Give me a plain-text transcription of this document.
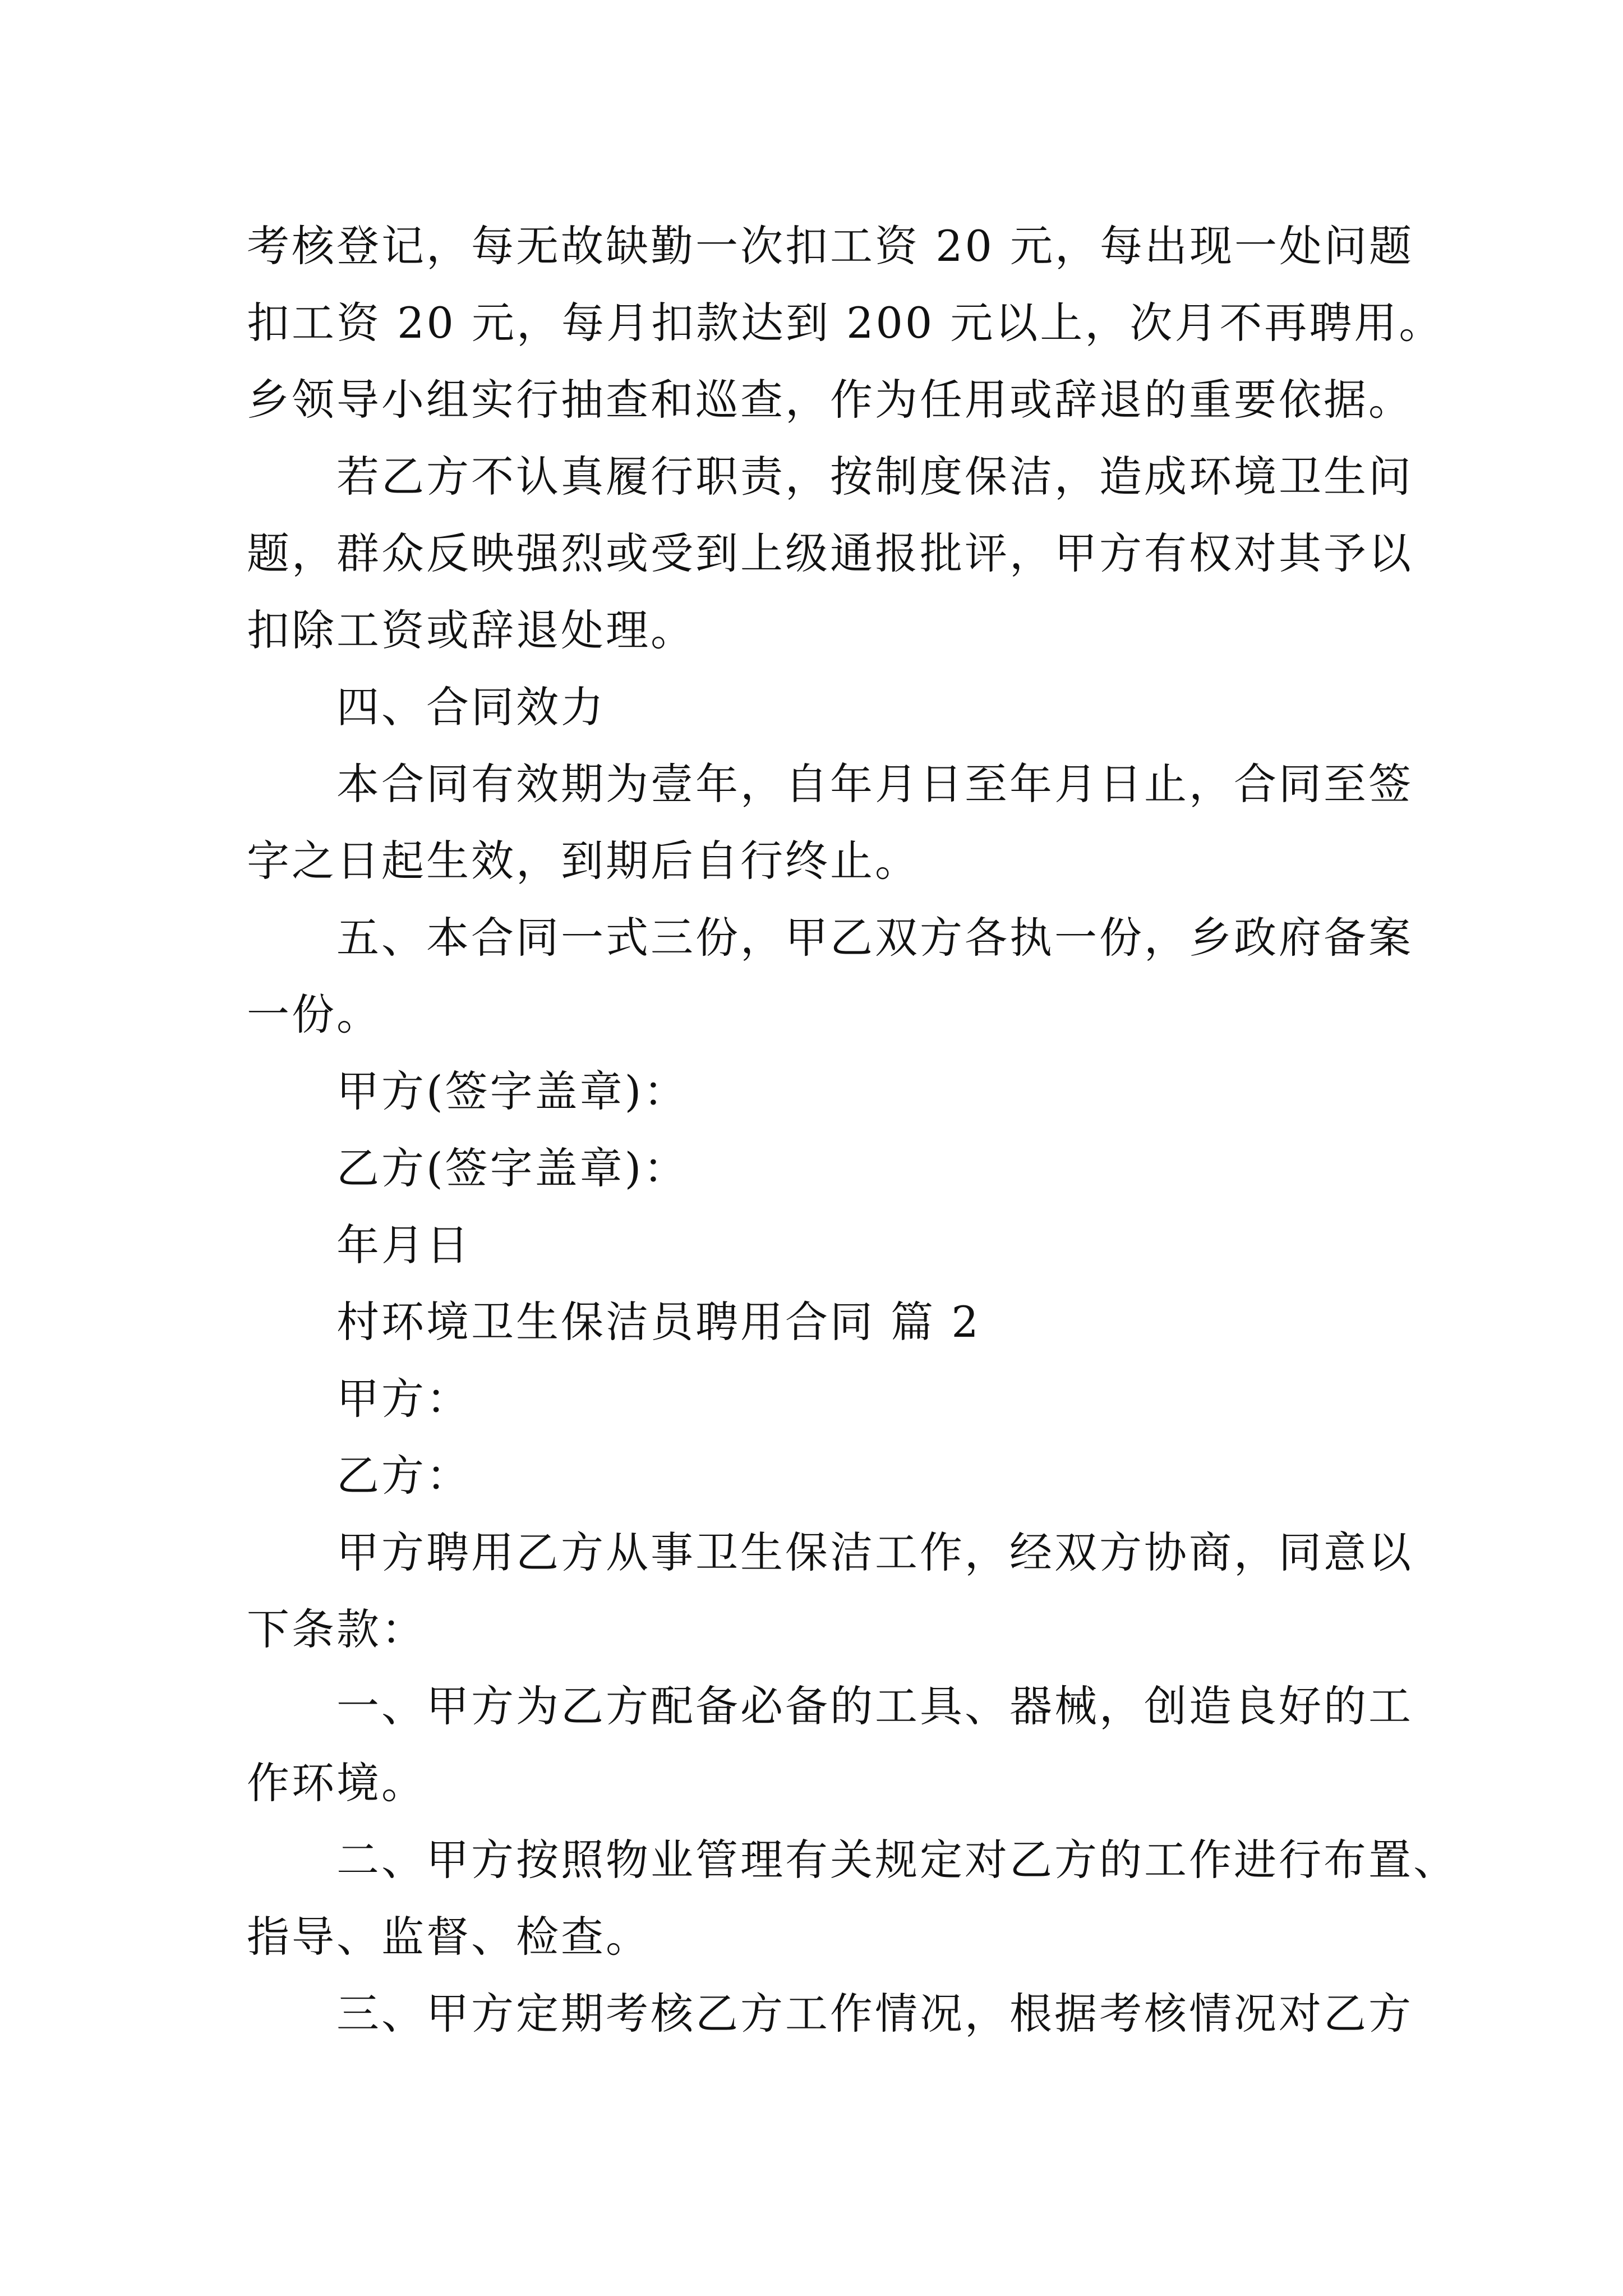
考核登记，每无故缺勤一次扣工资 20 元，每出现一处问题
扣工资 20 元，每月扣款达到 200 元以上，次月不再聘用。
乡领导小组实行抽查和巡查，作为任用或辞退的重要依据。
若乙方不认真履行职责，按制度保洁，造成环境卫生问
题，群众反映强烈或受到上级通报批评，甲方有权对其予以
扣除工资或辞退处理。
四、合同效力
本合同有效期为壹年，自年月日至年月日止，合同至签
字之日起生效，到期后自行终止。
五、本合同一式三份，甲乙双方各执一份，乡政府备案
一份。
甲方(签字盖章)：
乙方(签字盖章)：
年月日
村环境卫生保洁员聘用合同 篇 2
甲方：
乙方：
甲方聘用乙方从事卫生保洁工作，经双方协商，同意以
下条款：
一、甲方为乙方配备必备的工具、器械，创造良好的工
作环境。
二、甲方按照物业管理有关规定对乙方的工作进行布置、
指导、监督、检查。
三、甲方定期考核乙方工作情况，根据考核情况对乙方
